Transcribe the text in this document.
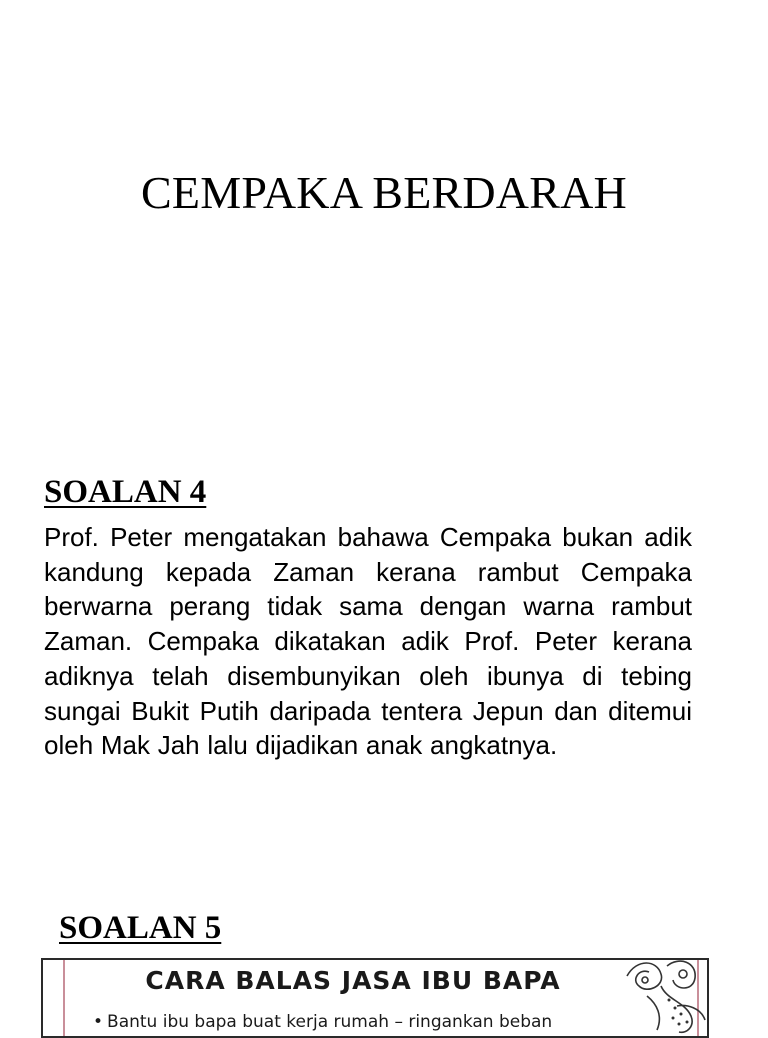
CEMPAKA BERDARAH
SOALAN 4

Prof. Peter mengatakan bahawa Cempaka bukan adik kandung kepada Zaman kerana rambut Cempaka berwarna perang tidak sama dengan warna rambut Zaman. Cempaka dikatakan adik Prof. Peter kerana adiknya telah disembunyikan oleh ibunya di tebing sungai Bukit Putih daripada tentera Jepun dan ditemui oleh Mak Jah lalu dijadikan anak angkatnya.

SOALAN 5
CARA BALAS JASA IBU BAPA
• Bantu ibu bapa buat kerja rumah – ringankan beban
